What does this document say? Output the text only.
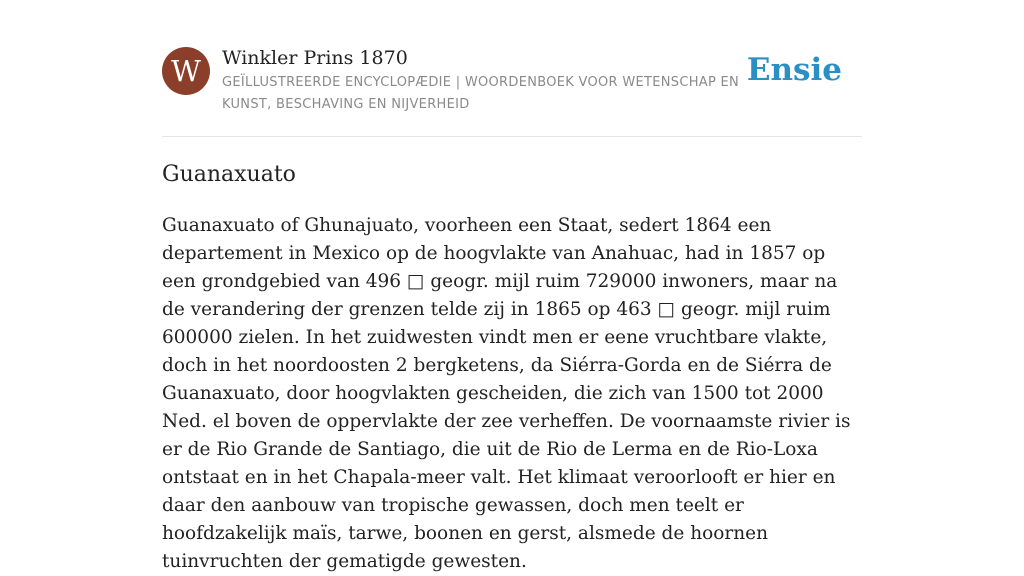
W	Winkler Prins 1870
GEÏLLUSTREERDE ENCYCLOPÆDIE | WOORDENBOEK VOOR WETENSCHAP EN KUNST, BESCHAVING EN NIJVERHEID
Ensie
Guanaxuato

Guanaxuato of Ghunajuato, voorheen een Staat, sedert 1864 een departement in Mexico op de hoogvlakte van Anahuac, had in 1857 op een grondgebied van 496 □ geogr. mijl ruim 729000 inwoners, maar na de verandering der grenzen telde zij in 1865 op 463 □ geogr. mijl ruim 600000 zielen. In het zuidwesten vindt men er eene vruchtbare vlakte, doch in het noordoosten 2 bergketens, da Siérra-Gorda en de Siérra de Guanaxuato, door hoogvlakten gescheiden, die zich van 1500 tot 2000 Ned. el boven de oppervlakte der zee verheffen. De voornaamste rivier is er de Rio Grande de Santiago, die uit de Rio de Lerma en de Rio-Loxa ontstaat en in het Chapala-meer valt. Het klimaat veroorlooft er hier en daar den aanbouw van tropische gewassen, doch men teelt er hoofdzakelijk maïs, tarwe, boonen en gerst, alsmede de hoornen tuinvruchten der gematigde gewesten.
